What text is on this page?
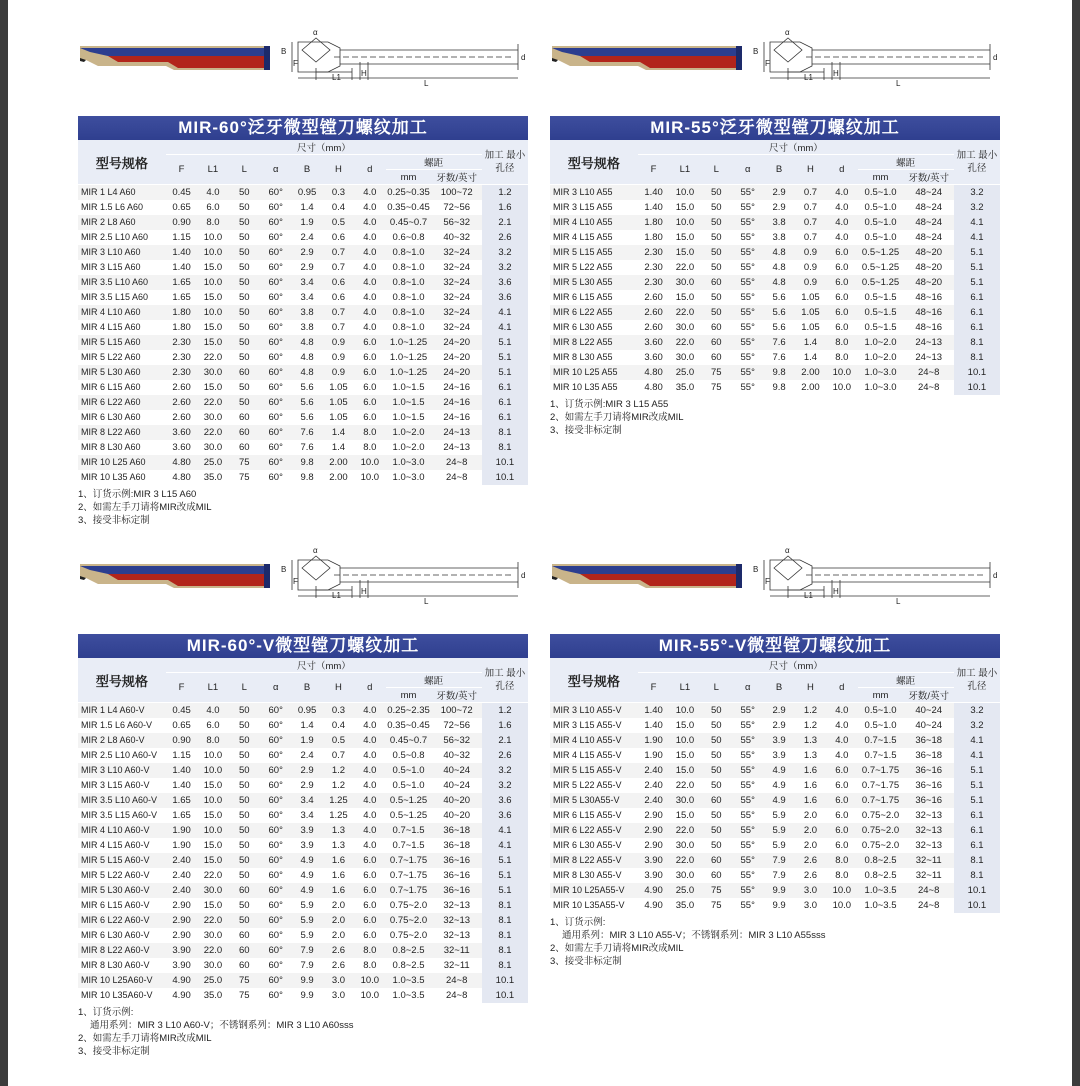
α
B
F
d
L1	H
L
MIR-60°泛牙微型镗刀螺纹加工
型号规格	尺寸（mm）									加工 最小孔径
	F	L1	L	α	B	H	d	螺距		
								mm	牙数/英寸	
MIR 1 L4 A60	0.45	4.0	50	60°	0.95	0.3	4.0	0.25~0.35	100~72	1.2
MIR 1.5 L6 A60	0.65	6.0	50	60°	1.4	0.4	4.0	0.35~0.45	72~56	1.6
MIR 2 L8 A60	0.90	8.0	50	60°	1.9	0.5	4.0	0.45~0.7	56~32	2.1
MIR 2.5 L10 A60	1.15	10.0	50	60°	2.4	0.6	4.0	0.6~0.8	40~32	2.6
MIR 3 L10 A60	1.40	10.0	50	60°	2.9	0.7	4.0	0.8~1.0	32~24	3.2
MIR 3 L15 A60	1.40	15.0	50	60°	2.9	0.7	4.0	0.8~1.0	32~24	3.2
MIR 3.5 L10 A60	1.65	10.0	50	60°	3.4	0.6	4.0	0.8~1.0	32~24	3.6
MIR 3.5 L15 A60	1.65	15.0	50	60°	3.4	0.6	4.0	0.8~1.0	32~24	3.6
MIR 4 L10 A60	1.80	10.0	50	60°	3.8	0.7	4.0	0.8~1.0	32~24	4.1
MIR 4 L15 A60	1.80	15.0	50	60°	3.8	0.7	4.0	0.8~1.0	32~24	4.1
MIR 5 L15 A60	2.30	15.0	50	60°	4.8	0.9	6.0	1.0~1.25	24~20	5.1
MIR 5 L22 A60	2.30	22.0	50	60°	4.8	0.9	6.0	1.0~1.25	24~20	5.1
MIR 5 L30 A60	2.30	30.0	60	60°	4.8	0.9	6.0	1.0~1.25	24~20	5.1
MIR 6 L15 A60	2.60	15.0	50	60°	5.6	1.05	6.0	1.0~1.5	24~16	6.1
MIR 6 L22 A60	2.60	22.0	50	60°	5.6	1.05	6.0	1.0~1.5	24~16	6.1
MIR 6 L30 A60	2.60	30.0	60	60°	5.6	1.05	6.0	1.0~1.5	24~16	6.1
MIR 8 L22 A60	3.60	22.0	60	60°	7.6	1.4	8.0	1.0~2.0	24~13	8.1
MIR 8 L30 A60	3.60	30.0	60	60°	7.6	1.4	8.0	1.0~2.0	24~13	8.1
MIR 10 L25 A60	4.80	25.0	75	60°	9.8	2.00	10.0	1.0~3.0	24~8	10.1
MIR 10 L35 A60	4.80	35.0	75	60°	9.8	2.00	10.0	1.0~3.0	24~8	10.1
1、订货示例:MIR 3 L15 A60
2、如需左手刀请将MIR改成MIL
3、接受非标定制
α
B
F
d
L1	H
L
MIR-55°泛牙微型镗刀螺纹加工
型号规格	尺寸（mm）									加工 最小孔径
	F	L1	L	α	B	H	d	螺距		
								mm	牙数/英寸	
MIR 3 L10 A55	1.40	10.0	50	55°	2.9	0.7	4.0	0.5~1.0	48~24	3.2
MIR 3 L15 A55	1.40	15.0	50	55°	2.9	0.7	4.0	0.5~1.0	48~24	3.2
MIR 4 L10 A55	1.80	10.0	50	55°	3.8	0.7	4.0	0.5~1.0	48~24	4.1
MIR 4 L15 A55	1.80	15.0	50	55°	3.8	0.7	4.0	0.5~1.0	48~24	4.1
MIR 5 L15 A55	2.30	15.0	50	55°	4.8	0.9	6.0	0.5~1.25	48~20	5.1
MIR 5 L22 A55	2.30	22.0	50	55°	4.8	0.9	6.0	0.5~1.25	48~20	5.1
MIR 5 L30 A55	2.30	30.0	60	55°	4.8	0.9	6.0	0.5~1.25	48~20	5.1
MIR 6 L15 A55	2.60	15.0	50	55°	5.6	1.05	6.0	0.5~1.5	48~16	6.1
MIR 6 L22 A55	2.60	22.0	50	55°	5.6	1.05	6.0	0.5~1.5	48~16	6.1
MIR 6 L30 A55	2.60	30.0	60	55°	5.6	1.05	6.0	0.5~1.5	48~16	6.1
MIR 8 L22 A55	3.60	22.0	60	55°	7.6	1.4	8.0	1.0~2.0	24~13	8.1
MIR 8 L30 A55	3.60	30.0	60	55°	7.6	1.4	8.0	1.0~2.0	24~13	8.1
MIR 10 L25 A55	4.80	25.0	75	55°	9.8	2.00	10.0	1.0~3.0	24~8	10.1
MIR 10 L35 A55	4.80	35.0	75	55°	9.8	2.00	10.0	1.0~3.0	24~8	10.1
1、订货示例:MIR 3 L15 A55
2、如需左手刀请将MIR改成MIL
3、接受非标定制
α
B
F
d
L1	H
L
MIR-60°-V微型镗刀螺纹加工
型号规格	尺寸（mm）									加工 最小孔径
	F	L1	L	α	B	H	d	螺距		
								mm	牙数/英寸	
MIR 1 L4 A60-V	0.45	4.0	50	60°	0.95	0.3	4.0	0.25~2.35	100~72	1.2
MIR 1.5 L6 A60-V	0.65	6.0	50	60°	1.4	0.4	4.0	0.35~0.45	72~56	1.6
MIR 2 L8 A60-V	0.90	8.0	50	60°	1.9	0.5	4.0	0.45~0.7	56~32	2.1
MIR 2.5 L10 A60-V	1.15	10.0	50	60°	2.4	0.7	4.0	0.5~0.8	40~32	2.6
MIR 3 L10 A60-V	1.40	10.0	50	60°	2.9	1.2	4.0	0.5~1.0	40~24	3.2
MIR 3 L15 A60-V	1.40	15.0	50	60°	2.9	1.2	4.0	0.5~1.0	40~24	3.2
MIR 3.5 L10 A60-V	1.65	10.0	50	60°	3.4	1.25	4.0	0.5~1.25	40~20	3.6
MIR 3.5 L15 A60-V	1.65	15.0	50	60°	3.4	1.25	4.0	0.5~1.25	40~20	3.6
MIR 4 L10 A60-V	1.90	10.0	50	60°	3.9	1.3	4.0	0.7~1.5	36~18	4.1
MIR 4 L15 A60-V	1.90	15.0	50	60°	3.9	1.3	4.0	0.7~1.5	36~18	4.1
MIR 5 L15 A60-V	2.40	15.0	50	60°	4.9	1.6	6.0	0.7~1.75	36~16	5.1
MIR 5 L22 A60-V	2.40	22.0	50	60°	4.9	1.6	6.0	0.7~1.75	36~16	5.1
MIR 5 L30 A60-V	2.40	30.0	60	60°	4.9	1.6	6.0	0.7~1.75	36~16	5.1
MIR 6 L15 A60-V	2.90	15.0	50	60°	5.9	2.0	6.0	0.75~2.0	32~13	8.1
MIR 6 L22 A60-V	2.90	22.0	50	60°	5.9	2.0	6.0	0.75~2.0	32~13	8.1
MIR 6 L30 A60-V	2.90	30.0	60	60°	5.9	2.0	6.0	0.75~2.0	32~13	8.1
MIR 8 L22 A60-V	3.90	22.0	60	60°	7.9	2.6	8.0	0.8~2.5	32~11	8.1
MIR 8 L30 A60-V	3.90	30.0	60	60°	7.9	2.6	8.0	0.8~2.5	32~11	8.1
MIR 10 L25A60-V	4.90	25.0	75	60°	9.9	3.0	10.0	1.0~3.5	24~8	10.1
MIR 10 L35A60-V	4.90	35.0	75	60°	9.9	3.0	10.0	1.0~3.5	24~8	10.1
1、订货示例:
通用系列：MIR 3 L10 A60-V；不锈钢系列：MIR 3 L10 A60sss
2、如需左手刀请将MIR改成MIL
3、接受非标定制
α
B
F
d
L1	H
L
MIR-55°-V微型镗刀螺纹加工
型号规格	尺寸（mm）									加工 最小孔径
	F	L1	L	α	B	H	d	螺距		
								mm	牙数/英寸	
MIR 3 L10 A55-V	1.40	10.0	50	55°	2.9	1.2	4.0	0.5~1.0	40~24	3.2
MIR 3 L15 A55-V	1.40	15.0	50	55°	2.9	1.2	4.0	0.5~1.0	40~24	3.2
MIR 4 L10 A55-V	1.90	10.0	50	55°	3.9	1.3	4.0	0.7~1.5	36~18	4.1
MIR 4 L15 A55-V	1.90	15.0	50	55°	3.9	1.3	4.0	0.7~1.5	36~18	4.1
MIR 5 L15 A55-V	2.40	15.0	50	55°	4.9	1.6	6.0	0.7~1.75	36~16	5.1
MIR 5 L22 A55-V	2.40	22.0	50	55°	4.9	1.6	6.0	0.7~1.75	36~16	5.1
MIR 5 L30A55-V	2.40	30.0	60	55°	4.9	1.6	6.0	0.7~1.75	36~16	5.1
MIR 6 L15 A55-V	2.90	15.0	50	55°	5.9	2.0	6.0	0.75~2.0	32~13	6.1
MIR 6 L22 A55-V	2.90	22.0	50	55°	5.9	2.0	6.0	0.75~2.0	32~13	6.1
MIR 6 L30 A55-V	2.90	30.0	50	55°	5.9	2.0	6.0	0.75~2.0	32~13	6.1
MIR 8 L22 A55-V	3.90	22.0	60	55°	7.9	2.6	8.0	0.8~2.5	32~11	8.1
MIR 8 L30 A55-V	3.90	30.0	60	55°	7.9	2.6	8.0	0.8~2.5	32~11	8.1
MIR 10 L25A55-V	4.90	25.0	75	55°	9.9	3.0	10.0	1.0~3.5	24~8	10.1
MIR 10 L35A55-V	4.90	35.0	75	55°	9.9	3.0	10.0	1.0~3.5	24~8	10.1
1、订货示例:
通用系列：MIR 3 L10 A55-V；不锈钢系列：MIR 3 L10 A55sss
2、如需左手刀请将MIR改成MIL
3、接受非标定制
